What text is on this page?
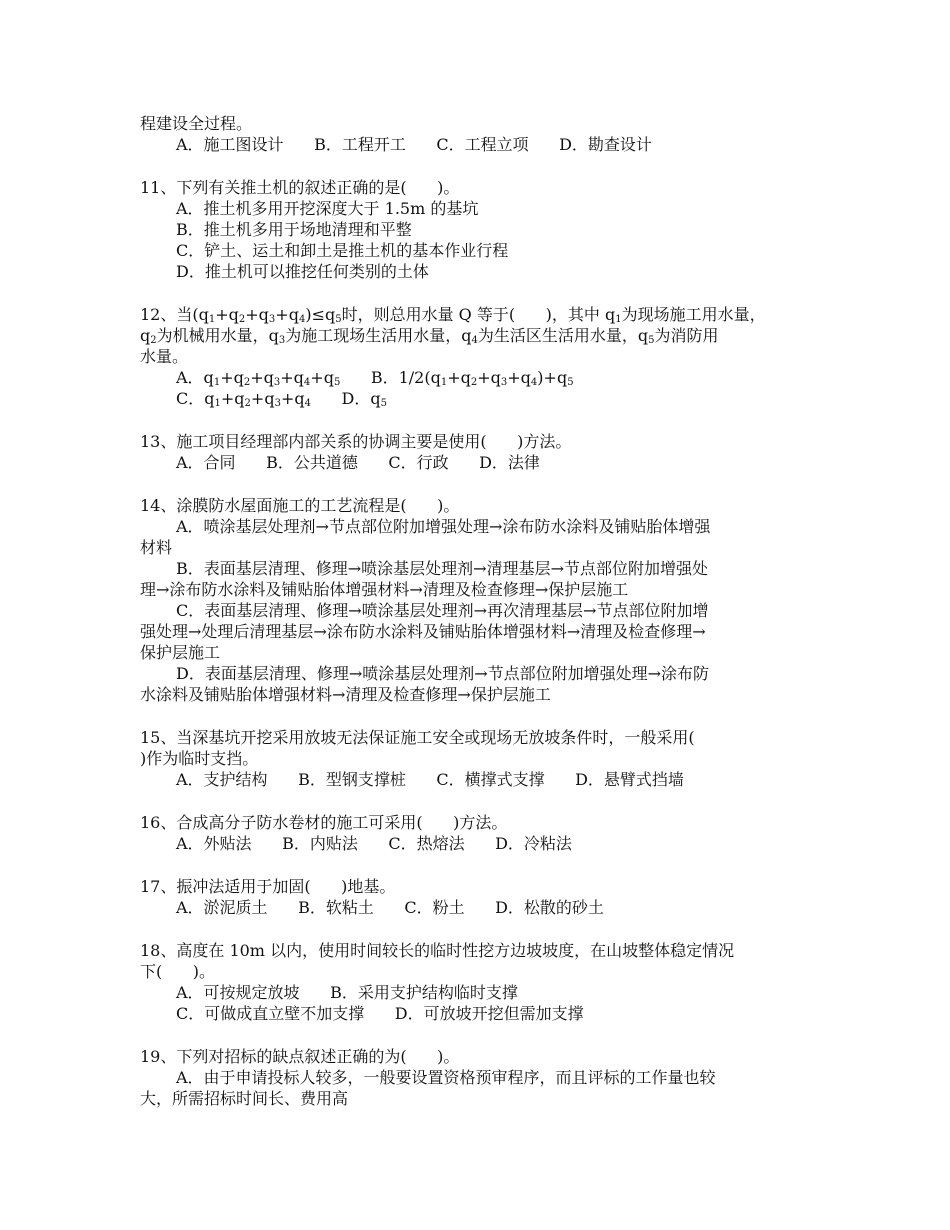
程建设全过程。
A．施工图设计      B．工程开工      C．工程立项      D．勘查设计
11、下列有关推土机的叙述正确的是(      )。
A．推土机多用开挖深度大于 1.5m 的基坑
B．推土机多用于场地清理和平整
C．铲土、运土和卸土是推土机的基本作业行程
D．推土机可以推挖任何类别的土体
12、当$(q_1+q_2+q_3+q_4)\le q_5$时，则总用水量 Q 等于(      )，其中 $q_1$为现场施工用水量，
$q_2$为机械用水量，$q_3$为施工现场生活用水量，$q_4$为生活区生活用水量，$q_5$为消防用
水量。
A．$q_1+q_2+q_3+q_4+q_5$ B．$1/2(q_1+q_2+q_3+q_4)+q_5$
C．$q_1+q_2+q_3+q_4$ D．$q_5$
13、施工项目经理部内部关系的协调主要是使用(      )方法。
A．合同      B．公共道德      C．行政      D．法律
14、涂膜防水屋面施工的工艺流程是(      )。
A．喷涂基层处理剂→节点部位附加增强处理→涂布防水涂料及铺贴胎体增强
材料
B．表面基层清理、修理→喷涂基层处理剂→清理基层→节点部位附加增强处
理→涂布防水涂料及铺贴胎体增强材料→清理及检查修理→保护层施工
C．表面基层清理、修理→喷涂基层处理剂→再次清理基层→节点部位附加增
强处理→处理后清理基层→涂布防水涂料及铺贴胎体增强材料→清理及检查修理→
保护层施工
D．表面基层清理、修理→喷涂基层处理剂→节点部位附加增强处理→涂布防
水涂料及铺贴胎体增强材料→清理及检查修理→保护层施工
15、当深基坑开挖采用放坡无法保证施工安全或现场无放坡条件时，一般采用(
)作为临时支挡。
A．支护结构      B．型钢支撑桩      C．横撑式支撑      D．悬臂式挡墙
16、合成高分子防水卷材的施工可采用(      )方法。
A．外贴法      B．内贴法      C．热熔法      D．冷粘法
17、振冲法适用于加固(      )地基。
A．淤泥质土      B．软粘土      C．粉土      D．松散的砂土
18、高度在 10m 以内，使用时间较长的临时性挖方边坡坡度，在山坡整体稳定情况
下(      )。
A．可按规定放坡      B．采用支护结构临时支撑
C．可做成直立壁不加支撑      D．可放坡开挖但需加支撑
19、下列对招标的缺点叙述正确的为(      )。
A．由于申请投标人较多，一般要设置资格预审程序，而且评标的工作量也较
大，所需招标时间长、费用高
